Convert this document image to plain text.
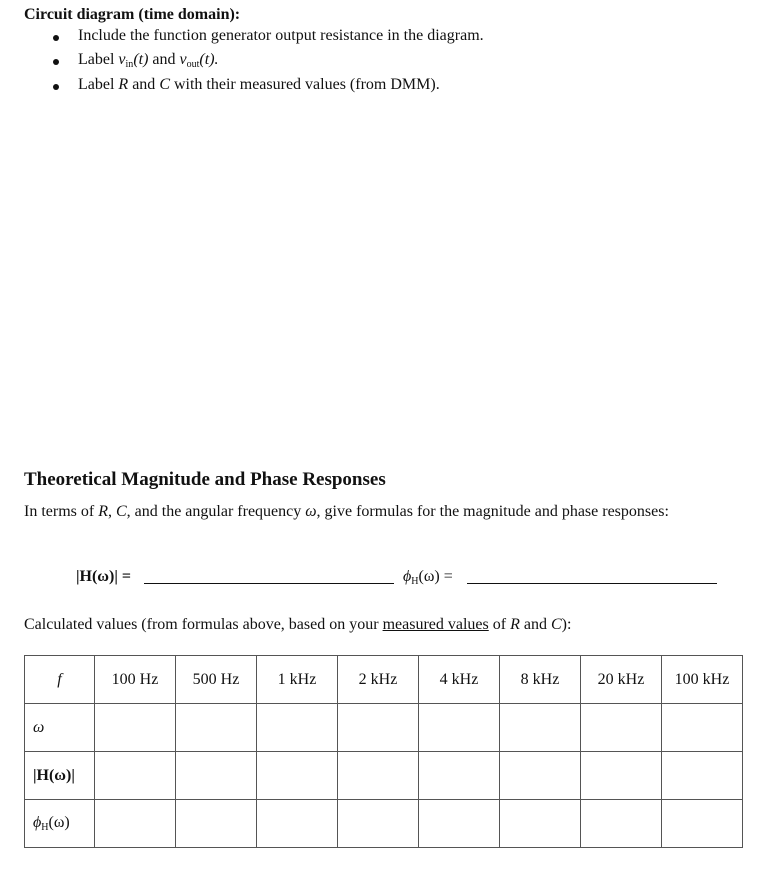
Circuit diagram (time domain):
Include the function generator output resistance in the diagram.
Label $v_{in}(t)$ and $v_{out}(t)$.
Label R and C with their measured values (from DMM).
Theoretical Magnitude and Phase Responses
In terms of R, C, and the angular frequency ω, give formulas for the magnitude and phase responses:
|H(ω)| =	$\phi_H(\omega)$ =
Calculated values (from formulas above, based on your measured values of R and C):
f	100 Hz	500 Hz	1 kHz	2 kHz	4 kHz	8 kHz	20 kHz	100 kHz
ω								
|H(ω)|								
$\phi_H(\omega)$								
